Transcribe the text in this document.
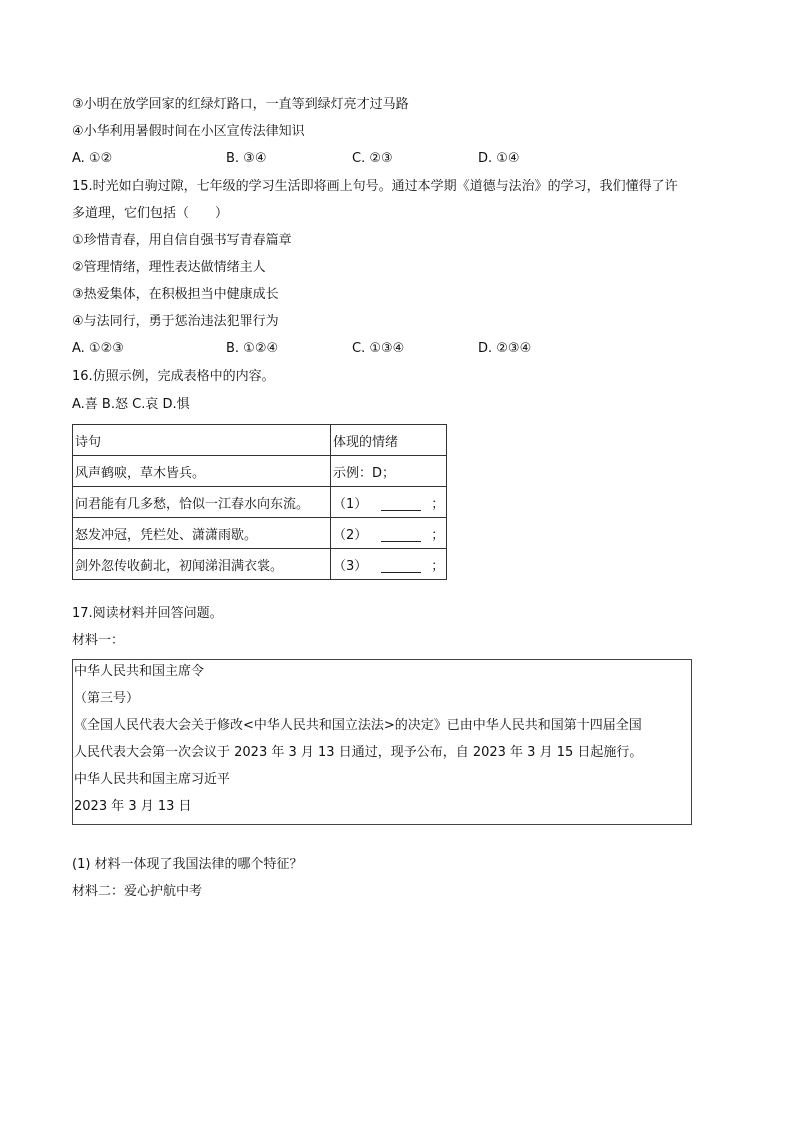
③小明在放学回家的红绿灯路口，一直等到绿灯亮才过马路
④小华利用暑假时间在小区宣传法律知识
A. ①②	B. ③④	C. ②③	D. ①④
15.时光如白驹过隙，七年级的学习生活即将画上句号。通过本学期《道德与法治》的学习，我们懂得了许
多道理，它们包括（　　）
①珍惜青春，用自信自强书写青春篇章
②管理情绪，理性表达做情绪主人
③热爱集体，在积极担当中健康成长
④与法同行，勇于惩治违法犯罪行为
A. ①②③	B. ①②④	C. ①③④	D. ②③④
16.仿照示例，完成表格中的内容。
A.喜 B.怒 C.哀 D.惧
诗句	体现的情绪
风声鹤唳，草木皆兵。	示例：D；
问君能有几多愁，恰似一江春水向东流。	（1） ；
怒发冲冠，凭栏处、潇潇雨歇。	（2） ；
剑外忽传收蓟北，初闻涕泪满衣裳。	（3） ；
17.阅读材料并回答问题。
材料一：
中华人民共和国主席令
（第三号）
《全国人民代表大会关于修改<中华人民共和国立法法>的决定》已由中华人民共和国第十四届全国
人民代表大会第一次会议于 2023 年 3 月 13 日通过，现予公布，自 2023 年 3 月 15 日起施行。
中华人民共和国主席习近平
2023 年 3 月 13 日
(1) 材料一体现了我国法律的哪个特征？
材料二：爱心护航中考
